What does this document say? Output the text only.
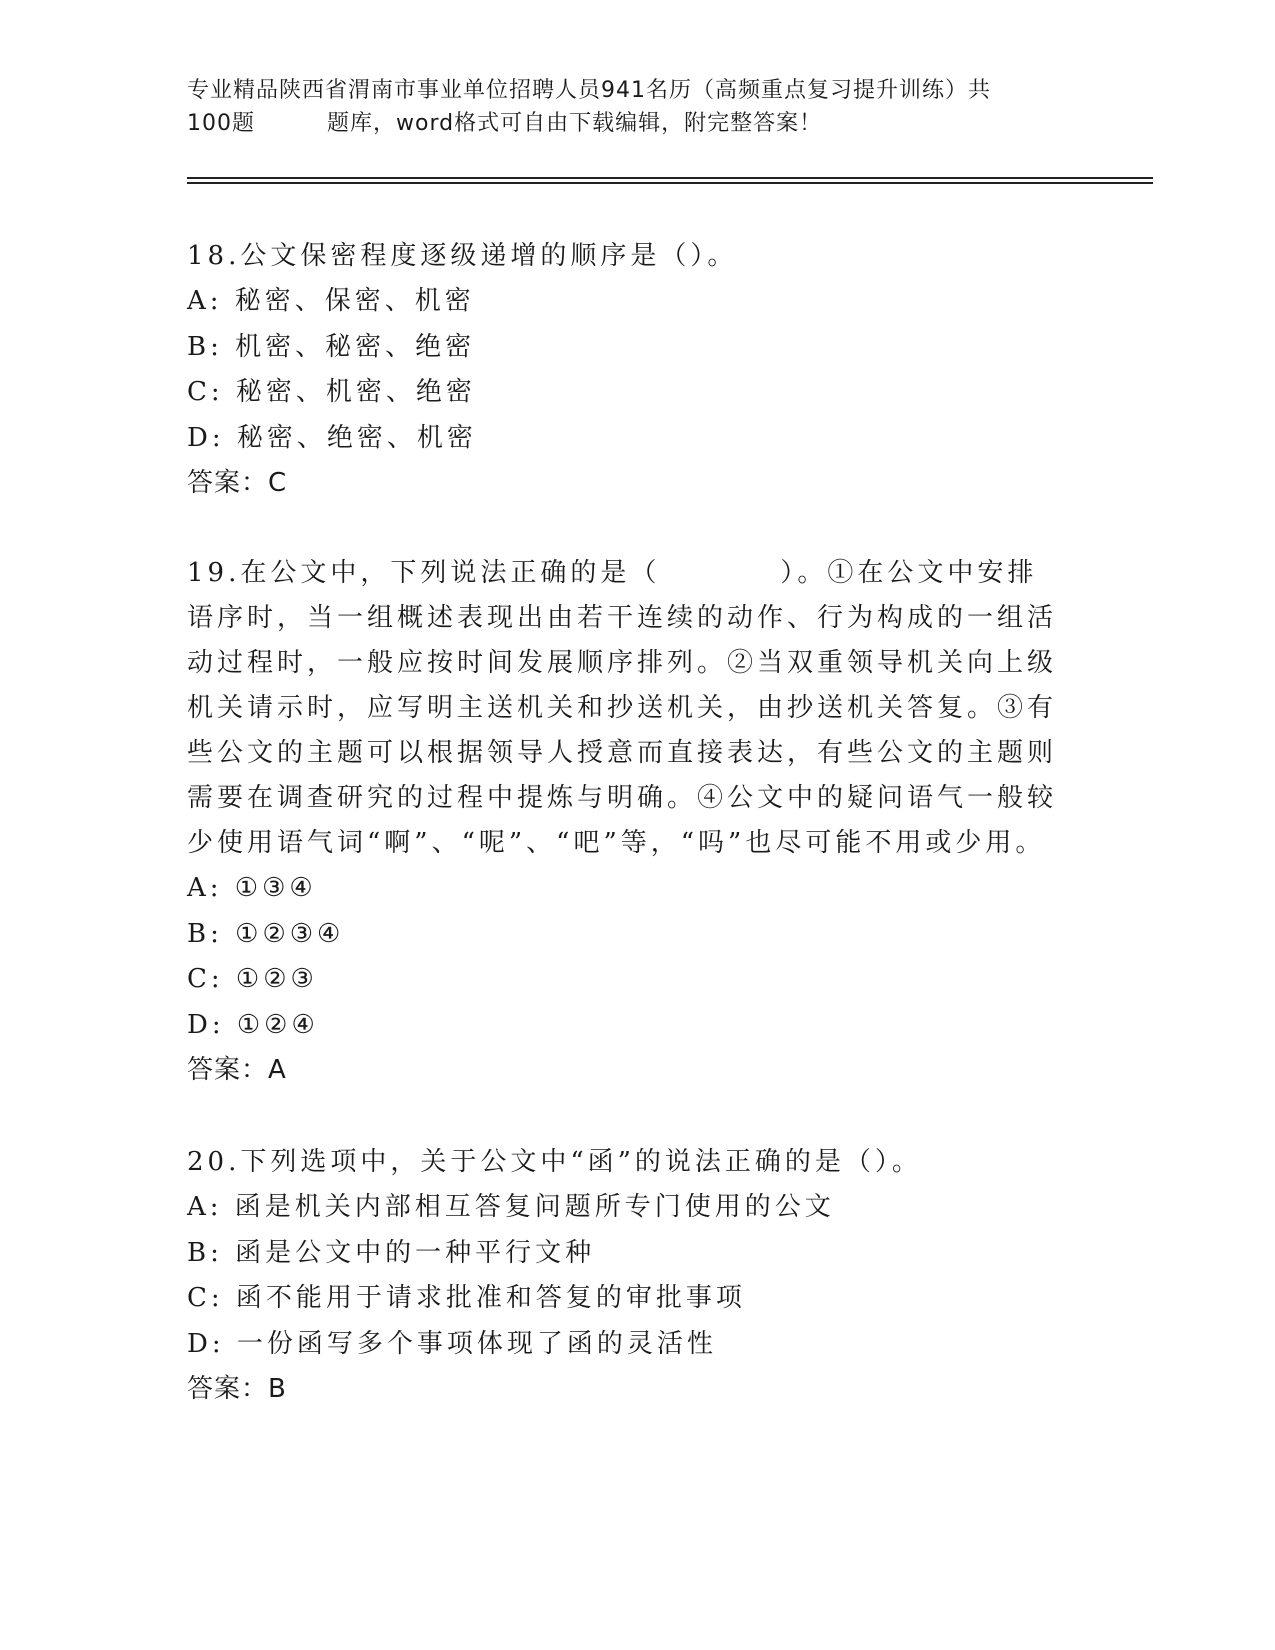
专业精品陕西省渭南市事业单位招聘人员941名历（高频重点复习提升训练）共
100题	题库，word格式可自由下载编辑，附完整答案！

18.公文保密程度逐级递增的顺序是（）。

A: 秘密、保密、机密

B: 机密、秘密、绝密

C: 秘密、机密、绝密

D: 秘密、绝密、机密

答案：C

19.在公文中，下列说法正确的是（　　　　）。①在公文中安排语序时，当一组概述表现出由若干连续的动作、行为构成的一组活动过程时，一般应按时间发展顺序排列。②当双重领导机关向上级机关请示时，应写明主送机关和抄送机关，由抄送机关答复。③有些公文的主题可以根据领导人授意而直接表达，有些公文的主题则需要在调查研究的过程中提炼与明确。④公文中的疑问语气一般较少使用语气词“啊”、“呢”、“吧”等，“吗”也尽可能不用或少用。

A: ①③④

B: ①②③④

C: ①②③

D: ①②④

答案：A

20.下列选项中，关于公文中“函”的说法正确的是（）。

A: 函是机关内部相互答复问题所专门使用的公文

B: 函是公文中的一种平行文种

C: 函不能用于请求批准和答复的审批事项

D: 一份函写多个事项体现了函的灵活性

答案：B
